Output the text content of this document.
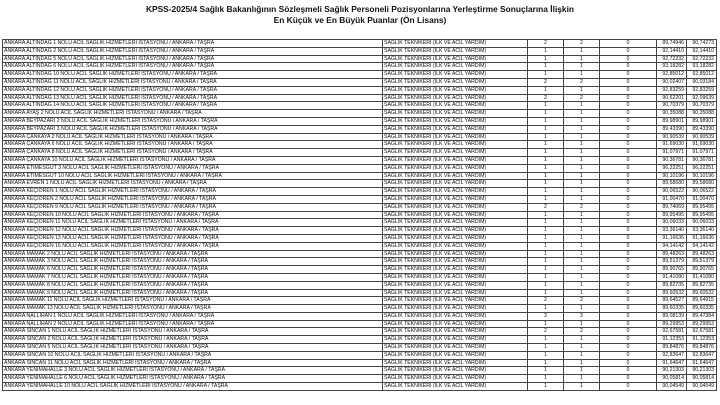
KPSS-2025/4 Sağlık Bakanlığının Sözleşmeli Sağlık Personeli Pozisyonlarına Yerleştirme Sonuçlarına İlişkin
En Küçük ve En Büyük Puanlar (Ön Lisans)
ANKARA ALTINDAĞ 1 NOLU ACİL SAĞLIK HİZMETLERİ İSTASYONU / ANKARA / TAŞRA	SAĞLIK TEKNİKERİ (İLK VE ACİL YARDIM)	2	2	0	89,74946	90,74273
ANKARA ALTINDAĞ 2 NOLU ACİL SAĞLIK HİZMETLERİ İSTASYONU / ANKARA / TAŞRA	SAĞLIK TEKNİKERİ (İLK VE ACİL YARDIM)	1	1	0	92,14410	92,14410
ANKARA ALTINDAĞ 5 NOLU ACİL SAĞLIK HİZMETLERİ İSTASYONU / ANKARA / TAŞRA	SAĞLIK TEKNİKERİ (İLK VE ACİL YARDIM)	1	1	0	92,72232	92,72232
ANKARA ALTINDAĞ 6 NOLU ACİL SAĞLIK HİZMETLERİ İSTASYONU / ANKARA / TAŞRA	SAĞLIK TEKNİKERİ (İLK VE ACİL YARDIM)	1	1	0	93,18282	93,18282
ANKARA ALTINDAĞ 10 NOLU ACİL SAĞLIK HİZMETLERİ İSTASYONU / ANKARA / TAŞRA	SAĞLIK TEKNİKERİ (İLK VE ACİL YARDIM)	1	1	0	92,85012	92,85012
ANKARA ALTINDAĞ 11 NOLU ACİL SAĞLIK HİZMETLERİ İSTASYONU / ANKARA / TAŞRA	SAĞLIK TEKNİKERİ (İLK VE ACİL YARDIM)	2	2	0	90,02407	90,03184
ANKARA ALTINDAĞ 12 NOLU ACİL SAĞLIK HİZMETLERİ İSTASYONU / ANKARA / TAŞRA	SAĞLIK TEKNİKERİ (İLK VE ACİL YARDIM)	1	1	0	92,83259	92,83259
ANKARA ALTINDAĞ 13 NOLU ACİL SAĞLIK HİZMETLERİ İSTASYONU / ANKARA / TAŞRA	SAĞLIK TEKNİKERİ (İLK VE ACİL YARDIM)	2	2	0	90,62201	92,09639
ANKARA ALTINDAĞ 14 NOLU ACİL SAĞLIK HİZMETLERİ İSTASYONU / ANKARA / TAŞRA	SAĞLIK TEKNİKERİ (İLK VE ACİL YARDIM)	1	1	0	90,70379	90,70379
ANKARA AYAŞ 2 NOLU ACİL SAĞLIK HİZMETLERİ İSTASYONU / ANKARA / TAŞRA	SAĞLIK TEKNİKERİ (İLK VE ACİL YARDIM)	1	1	0	90,35088	90,35088
ANKARA BEYPAZARI 2 NOLU ACİL SAĞLIK HİZMETLERİ İSTASYONU / ANKARA / TAŞRA	SAĞLIK TEKNİKERİ (İLK VE ACİL YARDIM)	1	1	0	89,98901	89,98901
ANKARA BEYPAZARI 3 NOLU ACİL SAĞLIK HİZMETLERİ İSTASYONU / ANKARA / TAŞRA	SAĞLIK TEKNİKERİ (İLK VE ACİL YARDIM)	1	1	0	89,43390	89,43390
ANKARA ÇANKAYA 2 NOLU ACİL SAĞLIK HİZMETLERİ İSTASYONU / ANKARA / TAŞRA	SAĞLIK TEKNİKERİ (İLK VE ACİL YARDIM)	1	1	0	90,90539	90,90539
ANKARA ÇANKAYA 6 NOLU ACİL SAĞLIK HİZMETLERİ İSTASYONU / ANKARA / TAŞRA	SAĞLIK TEKNİKERİ (İLK VE ACİL YARDIM)	1	1	0	91,69030	91,69030
ANKARA ÇANKAYA 8 NOLU ACİL SAĞLIK HİZMETLERİ İSTASYONU / ANKARA / TAŞRA	SAĞLIK TEKNİKERİ (İLK VE ACİL YARDIM)	1	1	0	91,07971	91,07971
ANKARA ÇANKAYA 10 NOLU ACİL SAĞLIK HİZMETLERİ İSTASYONU / ANKARA / TAŞRA	SAĞLIK TEKNİKERİ (İLK VE ACİL YARDIM)	1	1	0	90,36781	90,36781
ANKARA ETİMESGUT 3 NOLU ACİL SAĞLIK HİZMETLERİ İSTASYONU / ANKARA / TAŞRA	SAĞLIK TEKNİKERİ (İLK VE ACİL YARDIM)	1	1	0	96,22251	96,22251
ANKARA ETİMESGUT 10 NOLU ACİL SAĞLIK HİZMETLERİ İSTASYONU / ANKARA / TAŞRA	SAĞLIK TEKNİKERİ (İLK VE ACİL YARDIM)	1	1	0	90,10196	90,10196
ANKARA EVREN 1 NOLU ACİL SAĞLIK HİZMETLERİ İSTASYONU / ANKARA / TAŞRA	SAĞLIK TEKNİKERİ (İLK VE ACİL YARDIM)	1	1	0	89,58680	89,58680
ANKARA KEÇİÖREN 1 NOLU ACİL SAĞLIK HİZMETLERİ İSTASYONU / ANKARA / TAŞRA	SAĞLIK TEKNİKERİ (İLK VE ACİL YARDIM)	1	1	0	90,06522	90,06522
ANKARA KEÇİÖREN 2 NOLU ACİL SAĞLIK HİZMETLERİ İSTASYONU / ANKARA / TAŞRA	SAĞLIK TEKNİKERİ (İLK VE ACİL YARDIM)	1	1	0	91,00470	91,00470
ANKARA KEÇİÖREN 9 NOLU ACİL SAĞLIK HİZMETLERİ İSTASYONU / ANKARA / TAŞRA	SAĞLIK TEKNİKERİ (İLK VE ACİL YARDIM)	2	2	0	89,74069	89,95495
ANKARA KEÇİÖREN 10 NOLU ACİL SAĞLIK HİZMETLERİ İSTASYONU / ANKARA / TAŞRA	SAĞLIK TEKNİKERİ (İLK VE ACİL YARDIM)	1	1	0	89,95495	89,95495
ANKARA KEÇİÖREN 11 NOLU ACİL SAĞLIK HİZMETLERİ İSTASYONU / ANKARA / TAŞRA	SAĞLIK TEKNİKERİ (İLK VE ACİL YARDIM)	1	1	0	90,06033	90,06033
ANKARA KEÇİÖREN 12 NOLU ACİL SAĞLIK HİZMETLERİ İSTASYONU / ANKARA / TAŞRA	SAĞLIK TEKNİKERİ (İLK VE ACİL YARDIM)	1	1	0	93,36140	93,36140
ANKARA KEÇİÖREN 13 NOLU ACİL SAĞLIK HİZMETLERİ İSTASYONU / ANKARA / TAŞRA	SAĞLIK TEKNİKERİ (İLK VE ACİL YARDIM)	1	1	0	91,16636	91,16636
ANKARA KEÇİÖREN 16 NOLU ACİL SAĞLIK HİZMETLERİ İSTASYONU / ANKARA / TAŞRA	SAĞLIK TEKNİKERİ (İLK VE ACİL YARDIM)	1	1	0	94,14142	94,14142
ANKARA MAMAK 2 NOLU ACİL SAĞLIK HİZMETLERİ İSTASYONU / ANKARA / TAŞRA	SAĞLIK TEKNİKERİ (İLK VE ACİL YARDIM)	1	1	0	89,48263	89,48263
ANKARA MAMAK 3 NOLU ACİL SAĞLIK HİZMETLERİ İSTASYONU / ANKARA / TAŞRA	SAĞLIK TEKNİKERİ (İLK VE ACİL YARDIM)	1	1	0	89,51379	89,51379
ANKARA MAMAK 6 NOLU ACİL SAĞLIK HİZMETLERİ İSTASYONU / ANKARA / TAŞRA	SAĞLIK TEKNİKERİ (İLK VE ACİL YARDIM)	1	1	0	89,90765	89,90765
ANKARA MAMAK 7 NOLU ACİL SAĞLIK HİZMETLERİ İSTASYONU / ANKARA / TAŞRA	SAĞLIK TEKNİKERİ (İLK VE ACİL YARDIM)	1	1	0	91,41080	91,41080
ANKARA MAMAK 8 NOLU ACİL SAĞLIK HİZMETLERİ İSTASYONU / ANKARA / TAŞRA	SAĞLIK TEKNİKERİ (İLK VE ACİL YARDIM)	1	1	0	89,82735	89,82735
ANKARA MAMAK 9 NOLU ACİL SAĞLIK HİZMETLERİ İSTASYONU / ANKARA / TAŞRA	SAĞLIK TEKNİKERİ (İLK VE ACİL YARDIM)	1	1	0	89,60532	89,60532
ANKARA MAMAK 11 NOLU ACİL SAĞLIK HİZMETLERİ İSTASYONU / ANKARA / TAŞRA	SAĞLIK TEKNİKERİ (İLK VE ACİL YARDIM)	2	2	0	89,64527	89,64915
ANKARA MAMAK 13 NOLU ACİL SAĞLIK HİZMETLERİ İSTASYONU / ANKARA / TAŞRA	SAĞLIK TEKNİKERİ (İLK VE ACİL YARDIM)	1	1	0	89,60335	89,60335
ANKARA NALLIHAN 1 NOLU ACİL SAĞLIK HİZMETLERİ İSTASYONU / ANKARA / TAŞRA	SAĞLIK TEKNİKERİ (İLK VE ACİL YARDIM)	3	3	0	89,08139	89,47384
ANKARA NALLIHAN 2 NOLU ACİL SAĞLIK HİZMETLERİ İSTASYONU / ANKARA / TAŞRA	SAĞLIK TEKNİKERİ (İLK VE ACİL YARDIM)	1	1	0	89,29953	89,29953
ANKARA SİNCAN 1 NOLU ACİL SAĞLIK HİZMETLERİ İSTASYONU / ANKARA / TAŞRA	SAĞLIK TEKNİKERİ (İLK VE ACİL YARDIM)	2	2	0	92,67581	92,67581
ANKARA SİNCAN 2 NOLU ACİL SAĞLIK HİZMETLERİ İSTASYONU / ANKARA / TAŞRA	SAĞLIK TEKNİKERİ (İLK VE ACİL YARDIM)	1	1	0	91,12353	91,12353
ANKARA SİNCAN 5 NOLU ACİL SAĞLIK HİZMETLERİ İSTASYONU / ANKARA / TAŞRA	SAĞLIK TEKNİKERİ (İLK VE ACİL YARDIM)	1	1	0	89,84876	89,84876
ANKARA SİNCAN 10 NOLU ACİL SAĞLIK HİZMETLERİ İSTASYONU / ANKARA / TAŞRA	SAĞLIK TEKNİKERİ (İLK VE ACİL YARDIM)	1	1	0	92,83647	92,83647
ANKARA SİNCAN 11 NOLU ACİL SAĞLIK HİZMETLERİ İSTASYONU / ANKARA / TAŞRA	SAĞLIK TEKNİKERİ (İLK VE ACİL YARDIM)	1	1	0	91,64647	91,64647
ANKARA YENİMAHALLE 3 NOLU ACİL SAĞLIK HİZMETLERİ İSTASYONU / ANKARA / TAŞRA	SAĞLIK TEKNİKERİ (İLK VE ACİL YARDIM)	1	1	0	90,21303	90,21303
ANKARA YENİMAHALLE 6 NOLU ACİL SAĞLIK HİZMETLERİ İSTASYONU / ANKARA / TAŞRA	SAĞLIK TEKNİKERİ (İLK VE ACİL YARDIM)	1	1	0	90,05814	90,05814
ANKARA YENİMAHALLE 10 NOLU ACİL SAĞLIK HİZMETLERİ İSTASYONU / ANKARA / TAŞRA	SAĞLIK TEKNİKERİ (İLK VE ACİL YARDIM)	1	1	0	90,04549	90,04549
